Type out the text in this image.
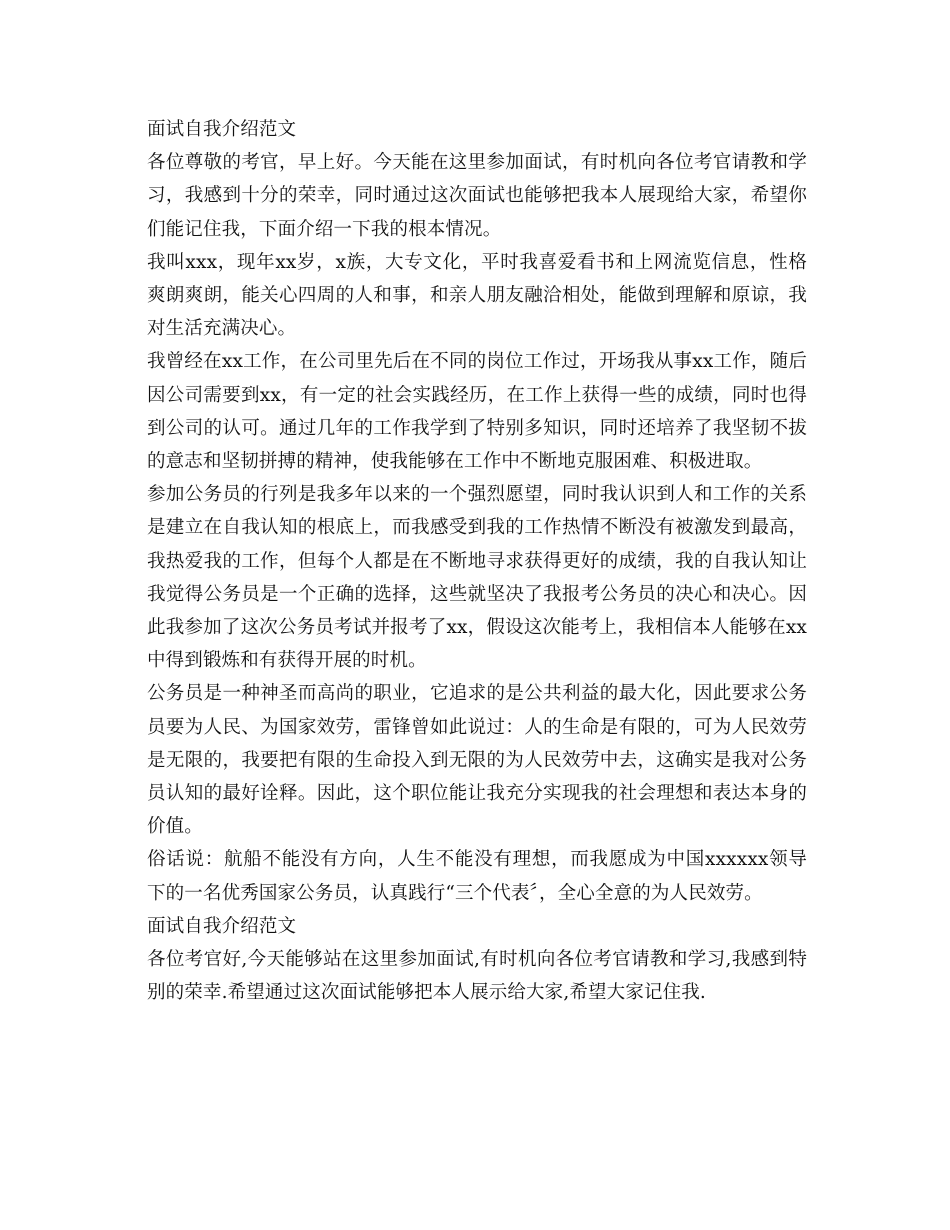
面试自我介绍范文

各位尊敬的考官，早上好。今天能在这里参加面试，有时机向各位考官请教和学习，我感到十分的荣幸，同时通过这次面试也能够把我本人展现给大家，希望你们能记住我，下面介绍一下我的根本情况。

我叫xxx，现年xx岁，x族，大专文化，平时我喜爱看书和上网流览信息，性格爽朗爽朗，能关心四周的人和事，和亲人朋友融洽相处，能做到理解和原谅，我对生活充满决心。

我曾经在xx工作，在公司里先后在不同的岗位工作过，开场我从事xx工作，随后因公司需要到xx，有一定的社会实践经历，在工作上获得一些的成绩，同时也得到公司的认可。通过几年的工作我学到了特别多知识，同时还培养了我坚韧不拔的意志和坚韧拼搏的精神，使我能够在工作中不断地克服困难、积极进取。

参加公务员的行列是我多年以来的一个强烈愿望，同时我认识到人和工作的关系是建立在自我认知的根底上，而我感受到我的工作热情不断没有被激发到最高，我热爱我的工作，但每个人都是在不断地寻求获得更好的成绩，我的自我认知让我觉得公务员是一个正确的选择，这些就坚决了我报考公务员的决心和决心。因此我参加了这次公务员考试并报考了xx，假设这次能考上，我相信本人能够在xx中得到锻炼和有获得开展的时机。

公务员是一种神圣而高尚的职业，它追求的是公共利益的最大化，因此要求公务员要为人民、为国家效劳，雷锋曾如此说过：人的生命是有限的，可为人民效劳是无限的，我要把有限的生命投入到无限的为人民效劳中去，这确实是我对公务员认知的最好诠释。因此，这个职位能让我充分实现我的社会理想和表达本身的价值。

俗话说：航船不能没有方向，人生不能没有理想，而我愿成为中国xxxxxx领导下的一名优秀国家公务员，认真践行“三个代表〞，全心全意的为人民效劳。

面试自我介绍范文

各位考官好,今天能够站在这里参加面试,有时机向各位考官请教和学习,我感到特别的荣幸.希望通过这次面试能够把本人展示给大家,希望大家记住我.
